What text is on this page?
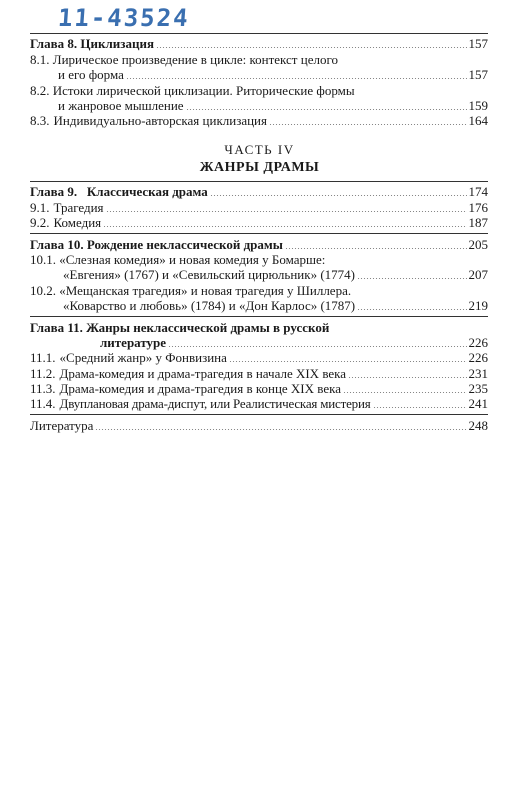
11-43524
Глава 8. Циклизация	157
8.1. Лирическое произведение в цикле: контекст целого
и его форма	157
8.2. Истоки лирической циклизации. Риторические формы
и жанровое мышление	159
8.3. Индивидуально-авторская циклизация	164
ЧАСТЬ IV
ЖАНРЫ ДРАМЫ
Глава 9.   Классическая драма	174
9.1. Трагедия	176
9.2. Комедия	187
Глава 10. Рождение неклассической драмы	205
10.1. «Слезная комедия» и новая комедия у Бомарше:
«Евгения» (1767) и «Севильский цирюльник» (1774)	207
10.2. «Мещанская трагедия» и новая трагедия у Шиллера.
«Коварство и любовь» (1784) и «Дон Карлос» (1787)	219
Глава 11. Жанры неклассической драмы в русской
литературе	226
11.1. «Средний жанр» у Фонвизина	226
11.2. Драма-комедия и драма-трагедия в начале XIX века	231
11.3. Драма-комедия и драма-трагедия в конце XIX века	235
11.4. Двуплановая драма-диспут, или Реалистическая мистерия	241
Литература	248
